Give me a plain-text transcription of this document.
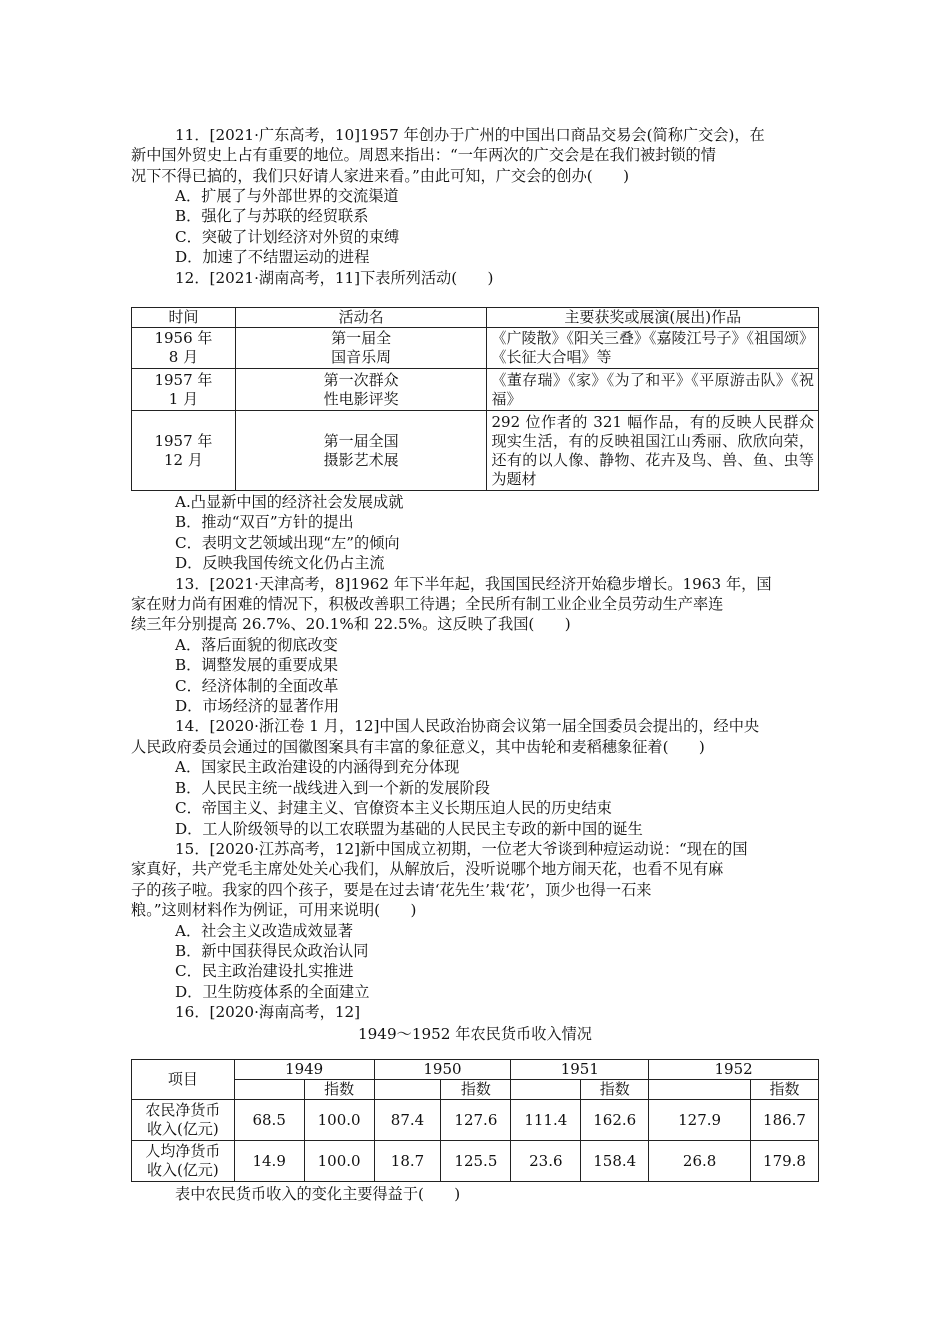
11．[2021·广东高考，10]1957 年创办于广州的中国出口商品交易会(简称广交会)，在
新中国外贸史上占有重要的地位。周恩来指出：“一年两次的广交会是在我们被封锁的情
况下不得已搞的，我们只好请人家进来看。”由此可知，广交会的创办(　　)
A．扩展了与外部世界的交流渠道
B．强化了与苏联的经贸联系
C．突破了计划经济对外贸的束缚
D．加速了不结盟运动的进程
12．[2021·湖南高考，11]下表所列活动(　　)
时间	活动名	主要获奖或展演(展出)作品
1956 年
8 月	第一届全
国音乐周	《广陵散》《阳关三叠》《嘉陵江号子》《祖国颂》《长征大合唱》等
1957 年
1 月	第一次群众
性电影评奖	《董存瑞》《家》《为了和平》《平原游击队》《祝福》
1957 年
12 月	第一届全国
摄影艺术展	292 位作者的 321 幅作品，有的反映人民群众现实生活，有的反映祖国江山秀丽、欣欣向荣，还有的以人像、静物、花卉及鸟、兽、鱼、虫等为题材
A.凸显新中国的经济社会发展成就
B．推动“双百”方针的提出
C．表明文艺领域出现“左”的倾向
D．反映我国传统文化仍占主流
13．[2021·天津高考，8]1962 年下半年起，我国国民经济开始稳步增长。1963 年，国
家在财力尚有困难的情况下，积极改善职工待遇；全民所有制工业企业全员劳动生产率连
续三年分别提高 26.7%、20.1%和 22.5%。这反映了我国(　　)
A．落后面貌的彻底改变
B．调整发展的重要成果
C．经济体制的全面改革
D．市场经济的显著作用
14．[2020·浙江卷 1 月，12]中国人民政治协商会议第一届全国委员会提出的，经中央
人民政府委员会通过的国徽图案具有丰富的象征意义，其中齿轮和麦稻穗象征着(　　)
A．国家民主政治建设的内涵得到充分体现
B．人民民主统一战线进入到一个新的发展阶段
C．帝国主义、封建主义、官僚资本主义长期压迫人民的历史结束
D．工人阶级领导的以工农联盟为基础的人民民主专政的新中国的诞生
15．[2020·江苏高考，12]新中国成立初期，一位老大爷谈到种痘运动说：“现在的国
家真好，共产党毛主席处处关心我们，从解放后，没听说哪个地方闹天花，也看不见有麻
子的孩子啦。我家的四个孩子，要是在过去请‘花先生’栽‘花’，顶少也得一石来
粮。”这则材料作为例证，可用来说明(　　)
A．社会主义改造成效显著
B．新中国获得民众政治认同
C．民主政治建设扎实推进
D．卫生防疫体系的全面建立
16．[2020·海南高考，12]
1949～1952 年农民货币收入情况
项目	1949		1950		1951		1952	
		指数		指数		指数		指数
农民净货币
收入(亿元)	68.5	100.0	87.4	127.6	111.4	162.6	127.9	186.7
人均净货币
收入(亿元)	14.9	100.0	18.7	125.5	23.6	158.4	26.8	179.8
表中农民货币收入的变化主要得益于(　　)
